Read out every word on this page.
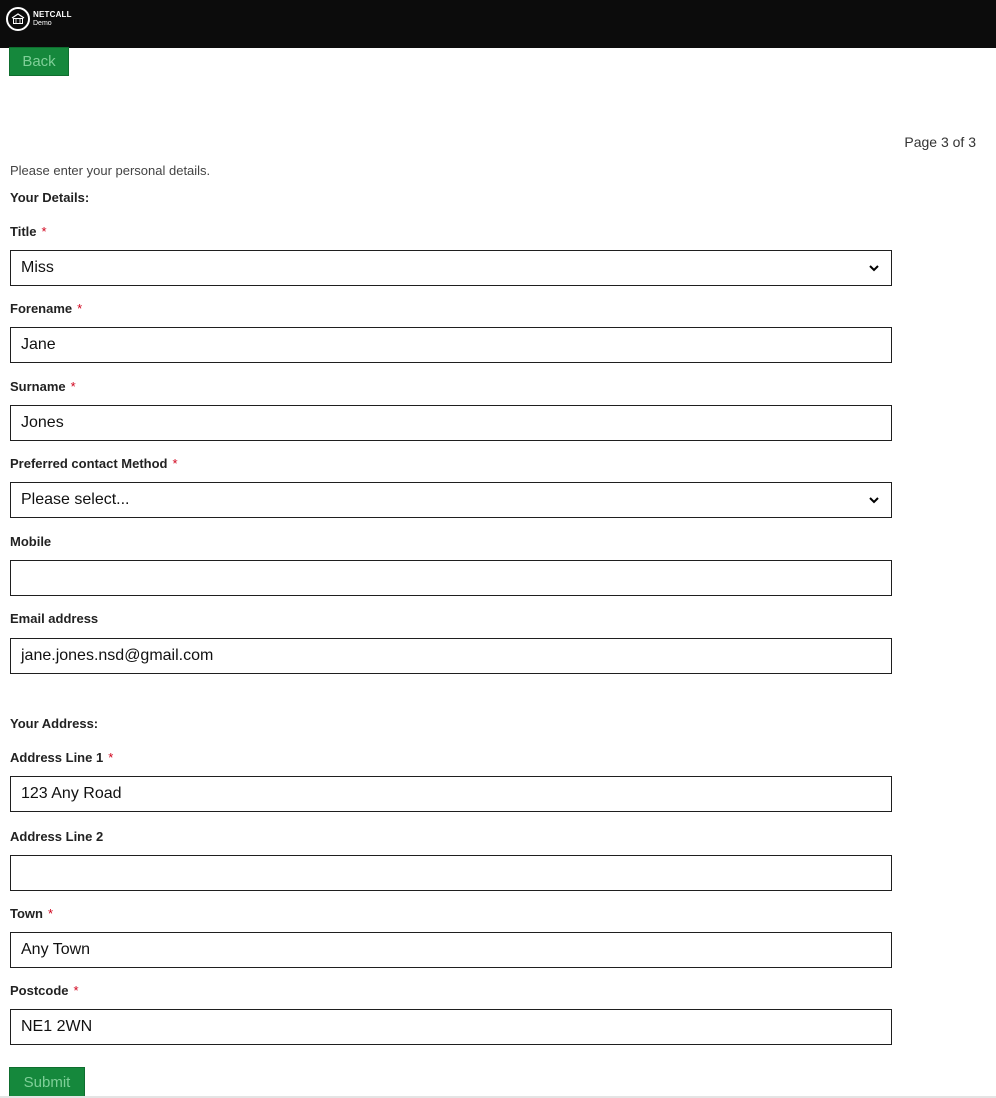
NETCALL
Demo
Back
Page 3 of 3
Please enter your personal details.
Your Details:
Title *
Miss
Forename *
Jane
Surname *
Jones
Preferred contact Method *
Please select...
Mobile
Email address
jane.jones.nsd@gmail.com
Your Address:
Address Line 1 *
123 Any Road
Address Line 2
Town *
Any Town
Postcode *
NE1 2WN
Submit
